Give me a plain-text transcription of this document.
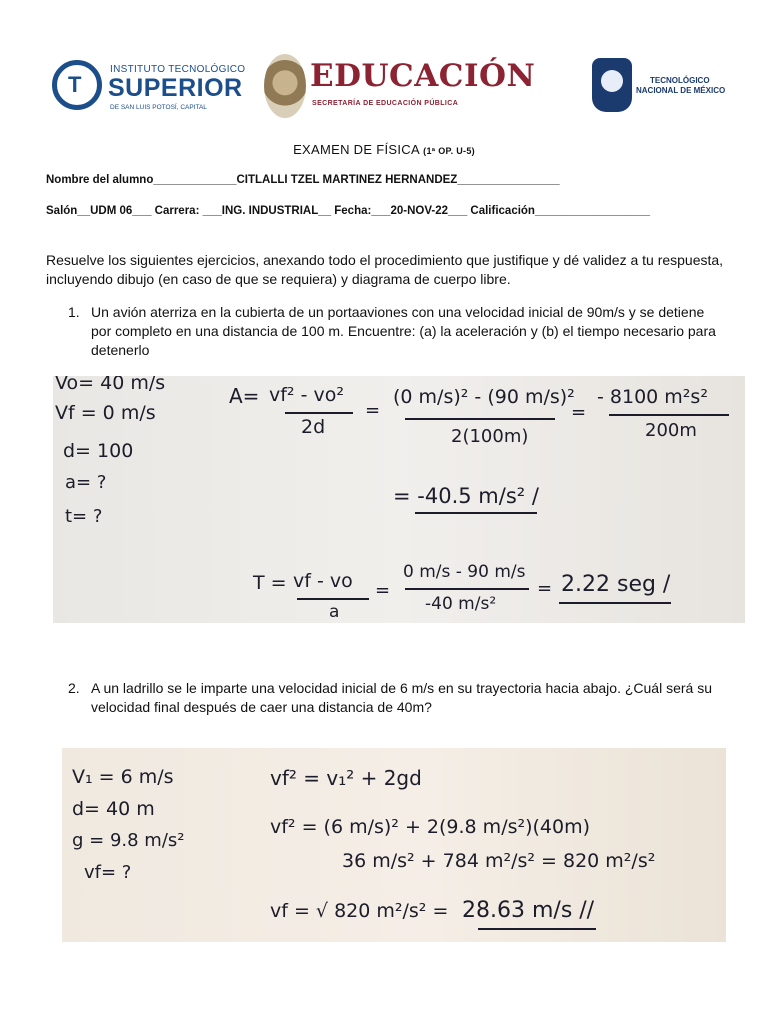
T
INSTITUTO TECNOLÓGICO
SUPERIOR
DE SAN LUIS POTOSÍ, CAPITAL
EDUCACIÓN
SECRETARÍA DE EDUCACIÓN PÚBLICA
TECNOLÓGICO
NACIONAL DE MÉXICO
EXAMEN DE FÍSICA (1ª OP. U-5)
Nombre del alumno_____________CITLALLI TZEL MARTINEZ HERNANDEZ________________
Salón__UDM 06___ Carrera: ___ING. INDUSTRIAL__ Fecha:___20-NOV-22___ Calificación__________________
Resuelve los siguientes ejercicios, anexando todo el procedimiento que justifique y dé validez a tu respuesta, incluyendo dibujo (en caso de que se requiera) y diagrama de cuerpo libre.
1. Un avión aterriza en la cubierta de un portaaviones con una velocidad inicial de 90m/s y se detiene por completo en una distancia de 100 m. Encuentre: (a) la aceleración y (b) el tiempo necesario para detenerlo
Vo= 40 m/s
Vf = 0 m/s
d= 100
a= ?
t= ?
A= vf² - vo²
2d
=
(0 m/s)² - (90 m/s)²
2(100m)
=
- 8100 m²s²
200m
= -40.5 m/s² /
T = vf - vo
a
=
0 m/s - 90 m/s
-40 m/s²
= 2.22 seg /
2. A un ladrillo se le imparte una velocidad inicial de 6 m/s en su trayectoria hacia abajo. ¿Cuál será su velocidad final después de caer una distancia de 40m?
V₁ = 6 m/s
d= 40 m
g = 9.8 m/s²
vf= ?
vf² = v₁² + 2gd
vf² = (6 m/s)² + 2(9.8 m/s²)(40m)
36 m/s² + 784 m²/s² = 820 m²/s²
vf = √ 820 m²/s² = 28.63 m/s //
